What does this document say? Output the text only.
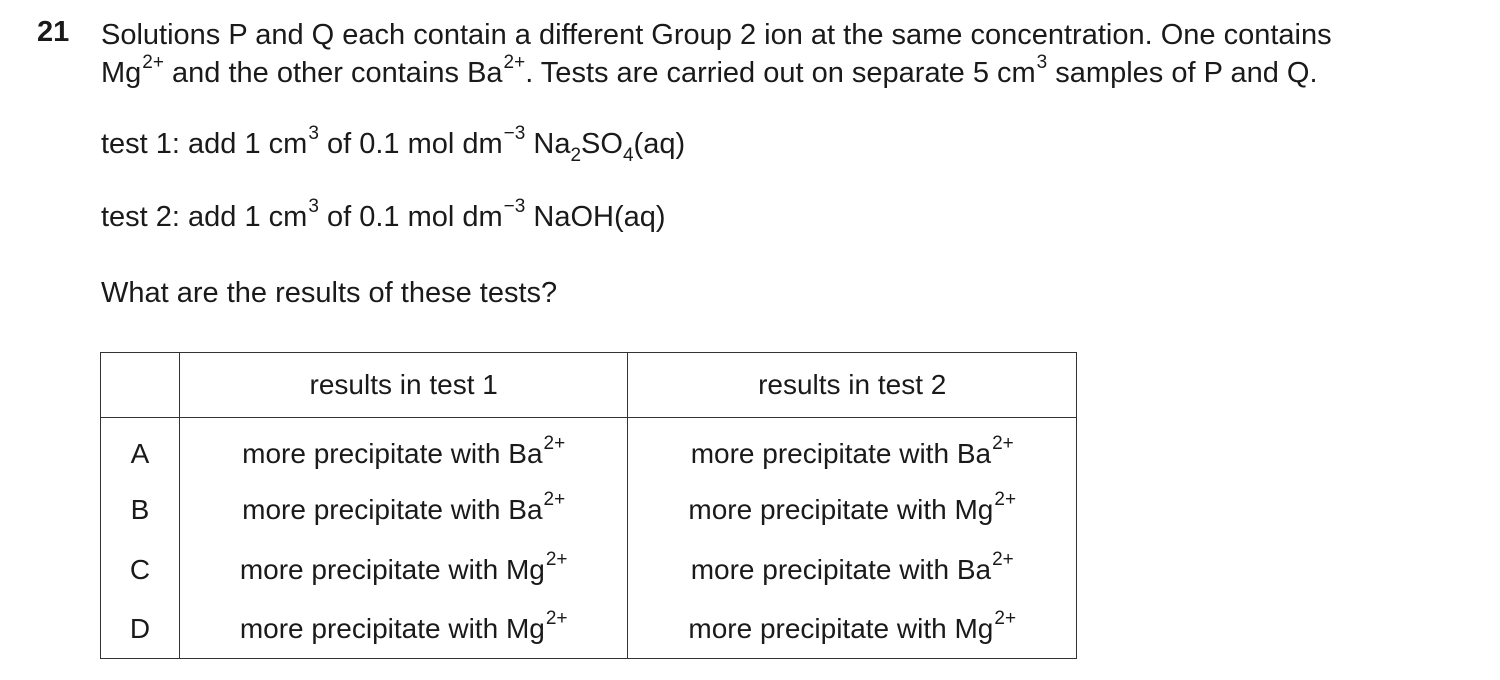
21 Solutions P and Q each contain a different Group 2 ion at the same concentration. One contains
$Mg^{2+}$ and the other contains $Ba^{2+}$. Tests are carried out on separate 5 $cm^3$ samples of P and Q.
test 1: add 1 $cm^3$ of 0.1 mol $dm^{-3}$ $Na_2SO_4(aq)$
test 2: add 1 $cm^3$ of 0.1 mol $dm^{-3}$ NaOH(aq)
What are the results of these tests?
	results in test 1	results in test 2
A	more precipitate with $Ba^{2+}$	more precipitate with $Ba^{2+}$
B	more precipitate with $Ba^{2+}$	more precipitate with $Mg^{2+}$
C	more precipitate with $Mg^{2+}$	more precipitate with $Ba^{2+}$
D	more precipitate with $Mg^{2+}$	more precipitate with $Mg^{2+}$
